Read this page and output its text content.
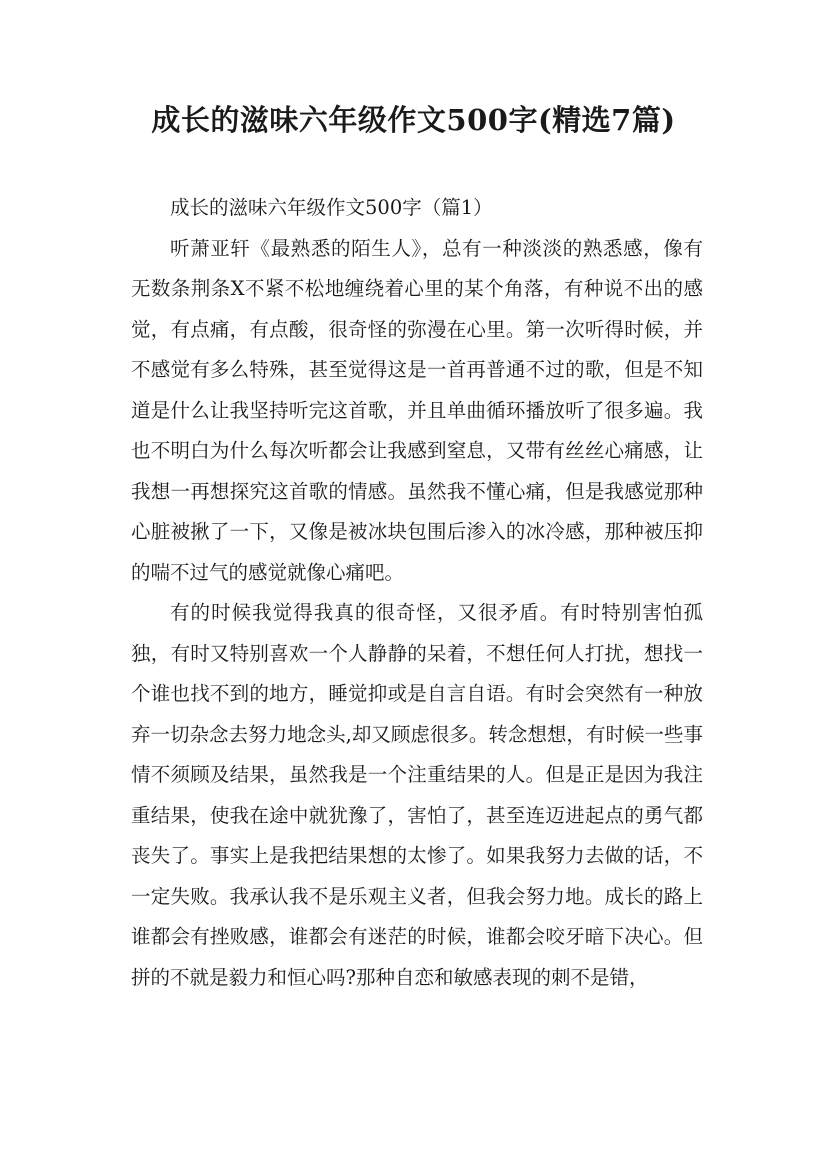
成长的滋味六年级作文500字(精选7篇)

成长的滋味六年级作文500字（篇1）

听萧亚轩《最熟悉的陌生人》，总有一种淡淡的熟悉感，像有无数条荆条X不紧不松地缠绕着心里的某个角落，有种说不出的感觉，有点痛，有点酸，很奇怪的弥漫在心里。第一次听得时候，并不感觉有多么特殊，甚至觉得这是一首再普通不过的歌，但是不知道是什么让我坚持听完这首歌，并且单曲循环播放听了很多遍。我也不明白为什么每次听都会让我感到窒息，又带有丝丝心痛感，让我想一再想探究这首歌的情感。虽然我不懂心痛，但是我感觉那种心脏被揪了一下，又像是被冰块包围后渗入的冰冷感，那种被压抑的喘不过气的感觉就像心痛吧。

有的时候我觉得我真的很奇怪，又很矛盾。有时特别害怕孤独，有时又特别喜欢一个人静静的呆着，不想任何人打扰，想找一个谁也找不到的地方，睡觉抑或是自言自语。有时会突然有一种放弃一切杂念去努力地念头,却又顾虑很多。转念想想，有时候一些事情不须顾及结果，虽然我是一个注重结果的人。但是正是因为我注重结果，使我在途中就犹豫了，害怕了，甚至连迈进起点的勇气都丧失了。事实上是我把结果想的太惨了。如果我努力去做的话，不一定失败。我承认我不是乐观主义者，但我会努力地。成长的路上谁都会有挫败感，谁都会有迷茫的时候，谁都会咬牙暗下决心。但拼的不就是毅力和恒心吗?那种自恋和敏感表现的刺不是错，
